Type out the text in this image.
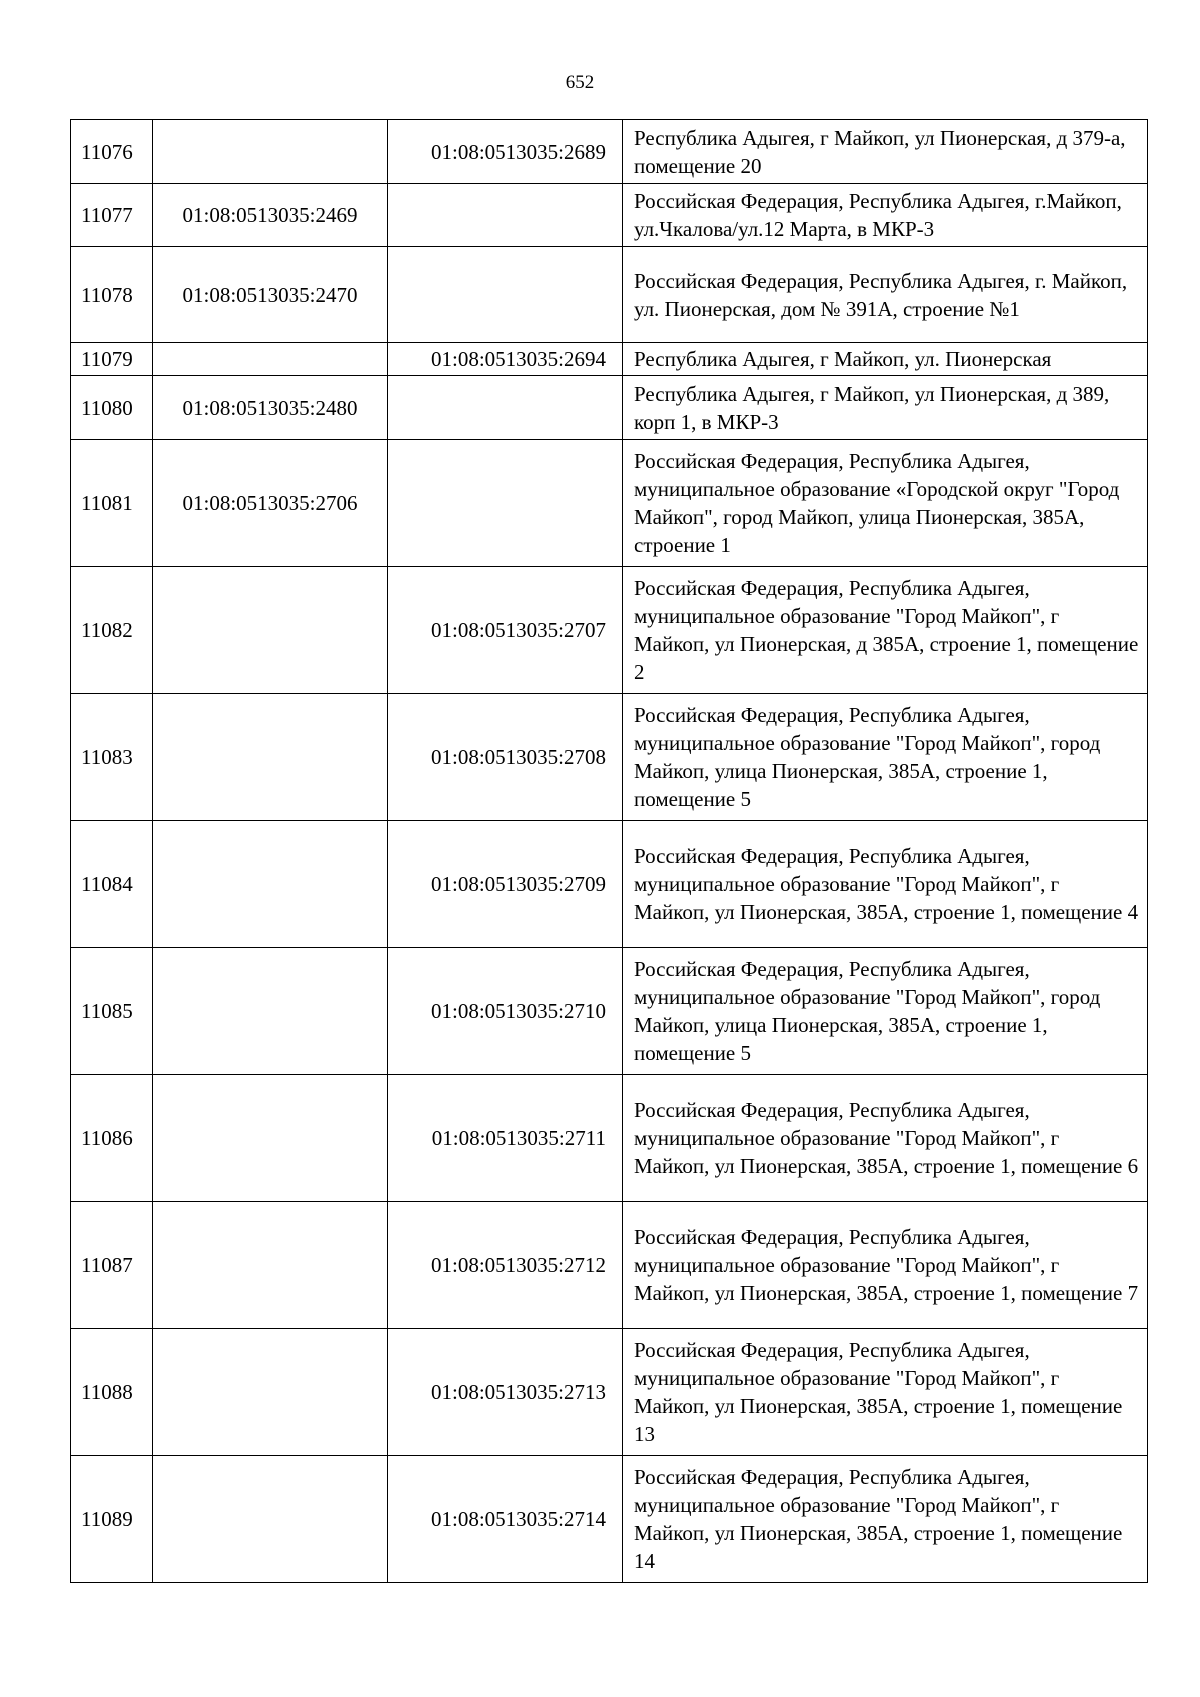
652
11076		01:08:0513035:2689	Республика Адыгея, г Майкоп, ул Пионерская, д 379-а, помещение 20
11077	01:08:0513035:2469		Российская Федерация, Республика Адыгея, г.Майкоп, ул.Чкалова/ул.12 Марта, в МКР-3
11078	01:08:0513035:2470		Российская Федерация, Республика Адыгея, г. Майкоп, ул. Пионерская, дом № 391А, строение №1
11079		01:08:0513035:2694	Республика Адыгея, г Майкоп, ул. Пионерская
11080	01:08:0513035:2480		Республика Адыгея, г Майкоп, ул Пионерская, д 389, корп 1, в МКР-3
11081	01:08:0513035:2706		Российская Федерация, Республика Адыгея, муниципальное образование «Городской округ "Город Майкоп", город Майкоп, улица Пионерская, 385А, строение 1
11082		01:08:0513035:2707	Российская Федерация, Республика Адыгея, муниципальное образование "Город Майкоп", г Майкоп, ул Пионерская, д 385А, строение 1, помещение 2
11083		01:08:0513035:2708	Российская Федерация, Республика Адыгея, муниципальное образование "Город Майкоп", город Майкоп, улица Пионерская, 385А, строение 1, помещение 5
11084		01:08:0513035:2709	Российская Федерация, Республика Адыгея, муниципальное образование "Город Майкоп", г Майкоп, ул Пионерская, 385А, строение 1, помещение 4
11085		01:08:0513035:2710	Российская Федерация, Республика Адыгея, муниципальное образование "Город Майкоп", город Майкоп, улица Пионерская, 385А, строение 1, помещение 5
11086		01:08:0513035:2711	Российская Федерация, Республика Адыгея, муниципальное образование "Город Майкоп", г Майкоп, ул Пионерская, 385А, строение 1, помещение 6
11087		01:08:0513035:2712	Российская Федерация, Республика Адыгея, муниципальное образование "Город Майкоп", г Майкоп, ул Пионерская, 385А, строение 1, помещение 7
11088		01:08:0513035:2713	Российская Федерация, Республика Адыгея, муниципальное образование "Город Майкоп", г Майкоп, ул Пионерская, 385А, строение 1, помещение 13
11089		01:08:0513035:2714	Российская Федерация, Республика Адыгея, муниципальное образование "Город Майкоп", г Майкоп, ул Пионерская, 385А, строение 1, помещение 14
